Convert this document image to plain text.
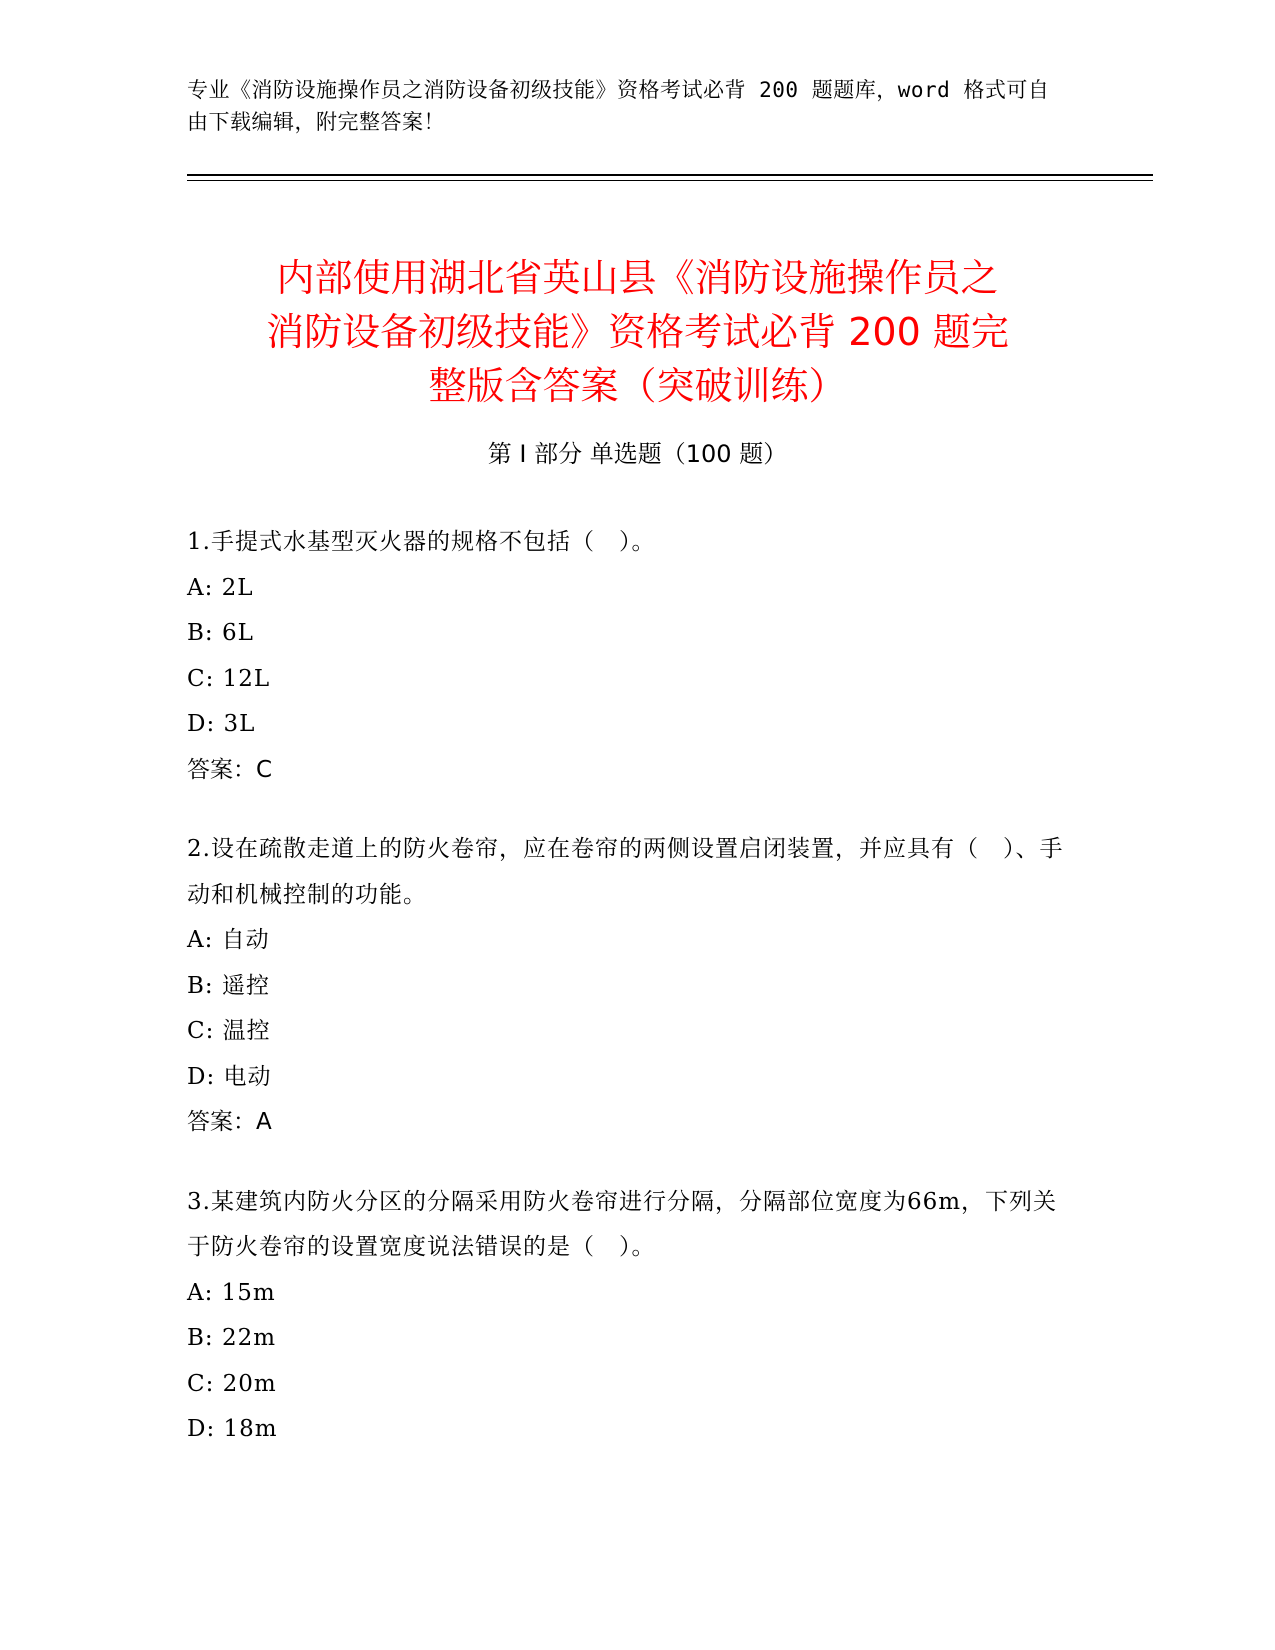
专业《消防设施操作员之消防设备初级技能》资格考试必背 200 题题库，word 格式可自由下载编辑，附完整答案！
内部使用湖北省英山县《消防设施操作员之
消防设备初级技能》资格考试必背 200 题完
整版含答案（突破训练）
第 I 部分 单选题（100 题）
1.手提式水基型灭火器的规格不包括（　）。
A: 2L
B: 6L
C: 12L
D: 3L
答案：C
2.设在疏散走道上的防火卷帘，应在卷帘的两侧设置启闭装置，并应具有（　）、手动和机械控制的功能。
A: 自动
B: 遥控
C: 温控
D: 电动
答案：A
3.某建筑内防火分区的分隔采用防火卷帘进行分隔，分隔部位宽度为66m，下列关于防火卷帘的设置宽度说法错误的是（　）。
A: 15m
B: 22m
C: 20m
D: 18m
